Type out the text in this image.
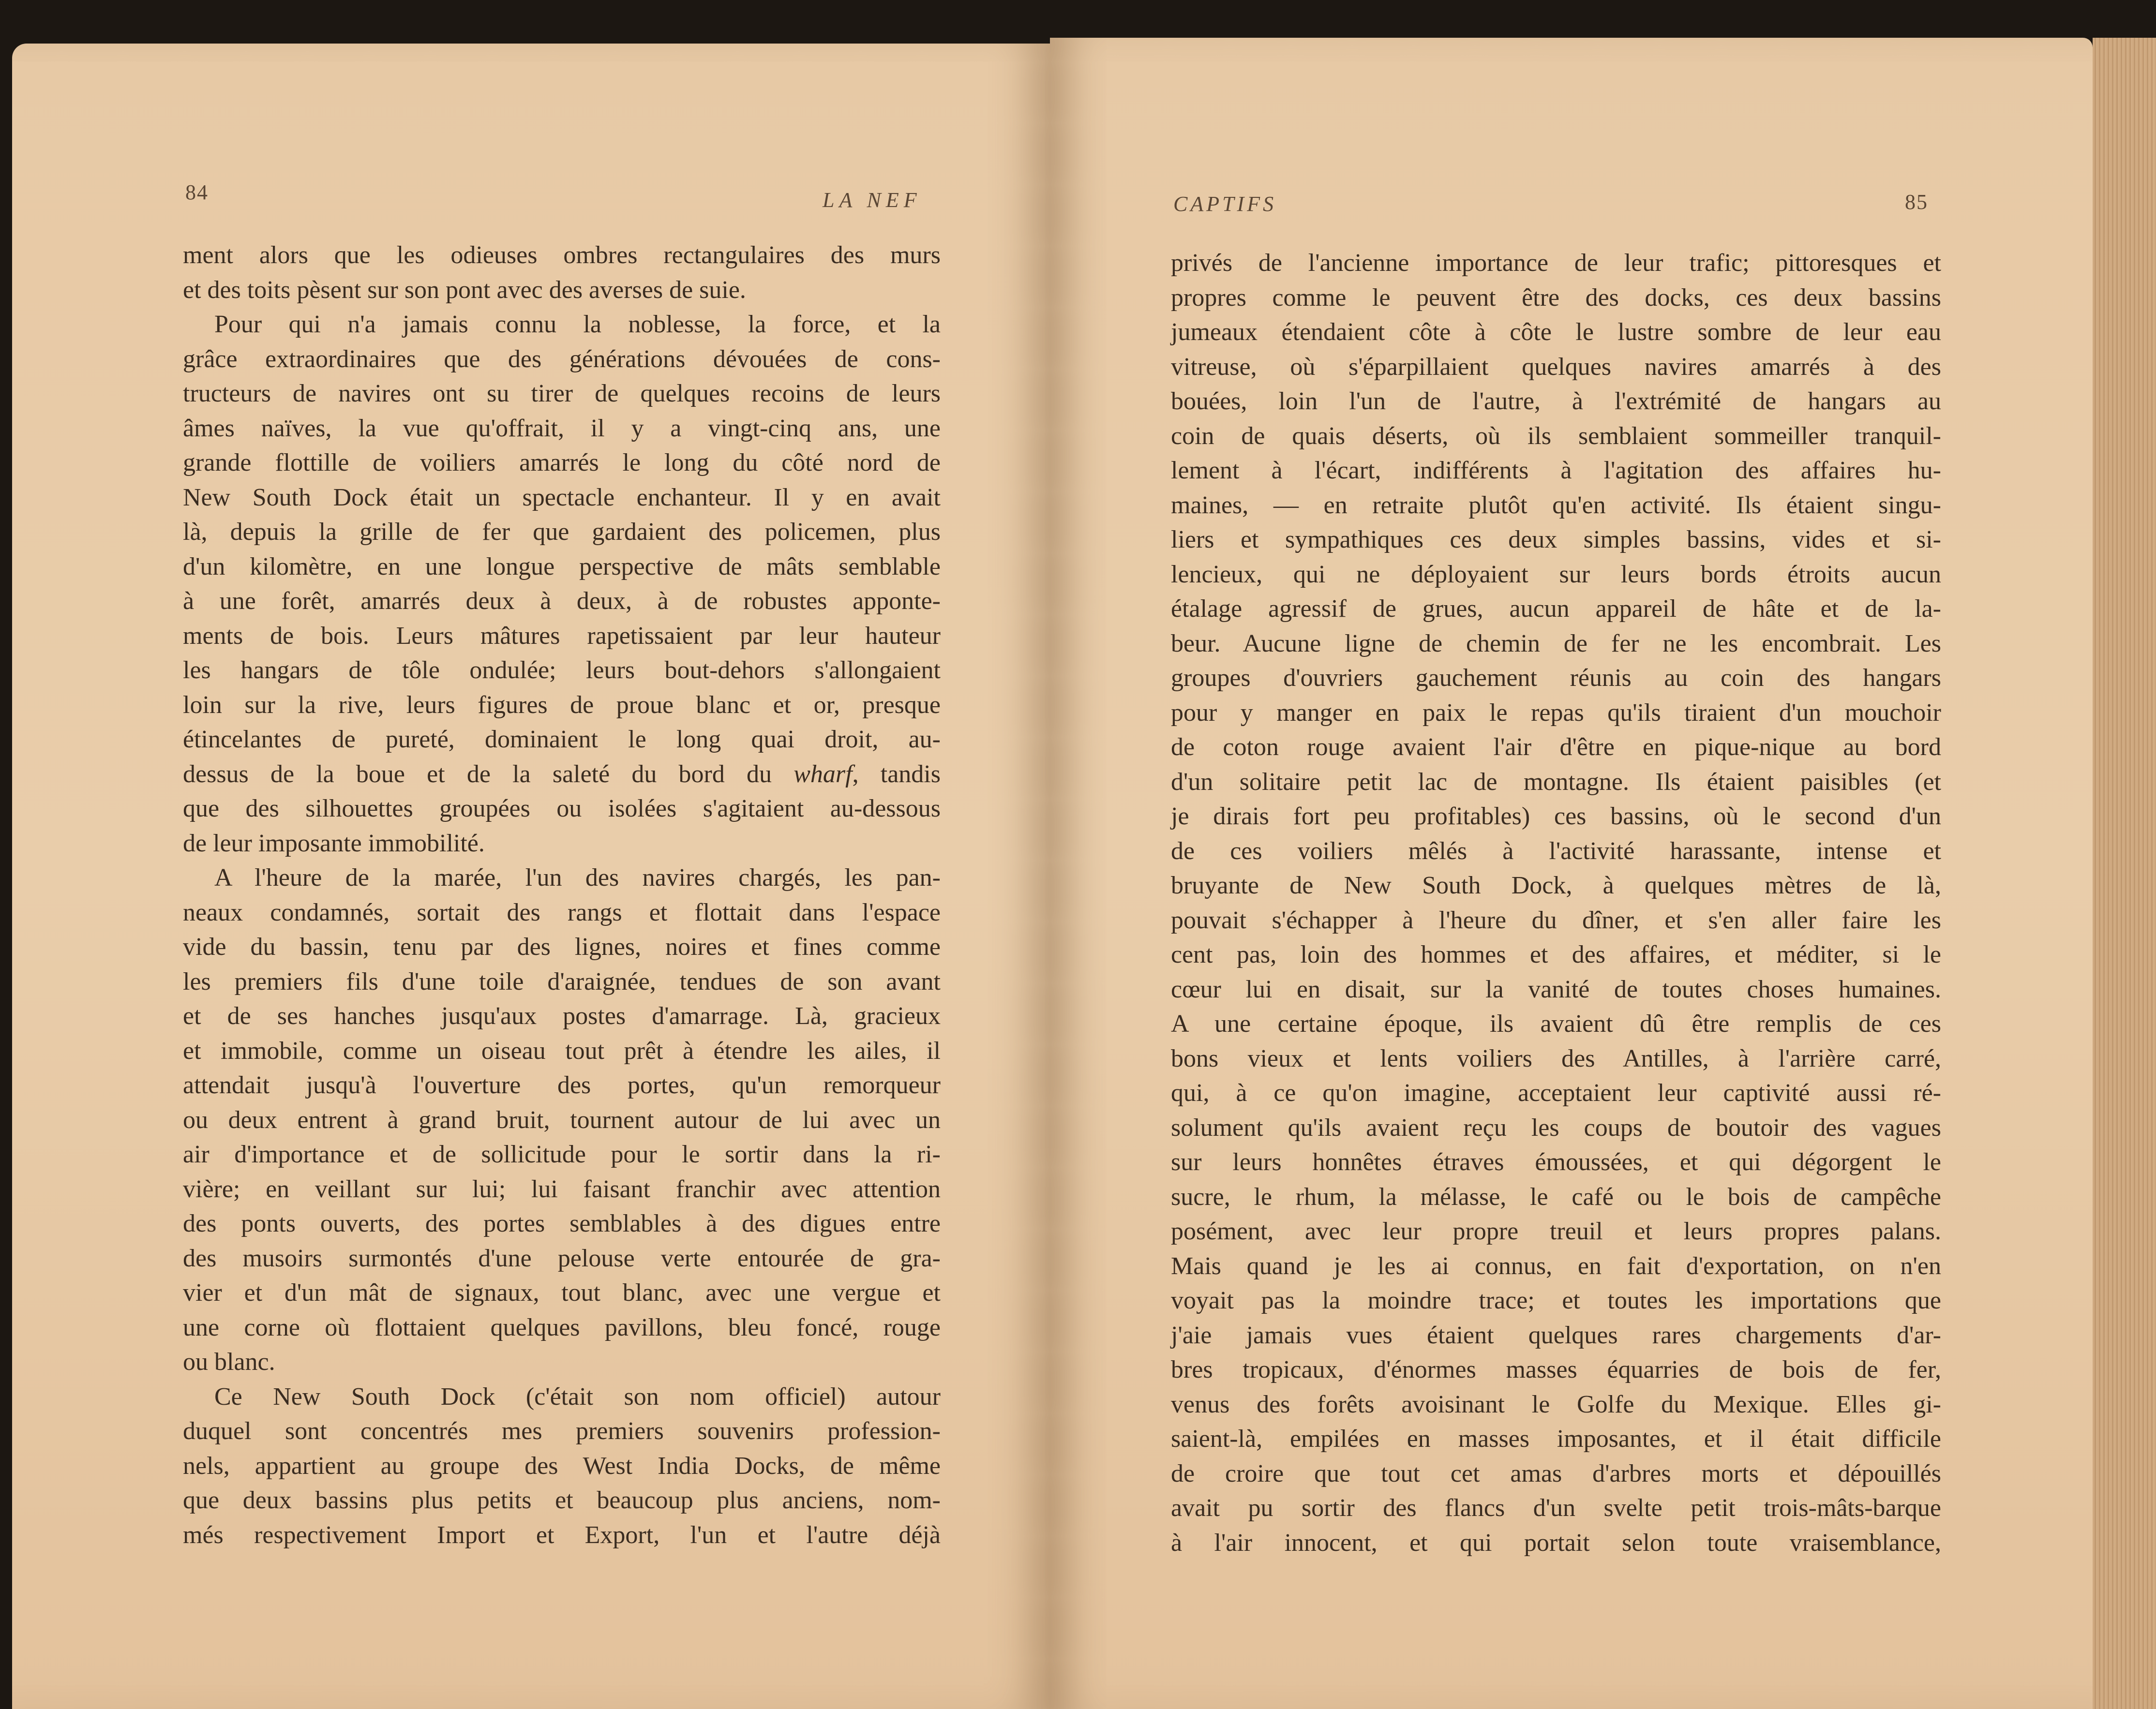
84	LA NEF	CAPTIFS	85
ment alors que les odieuses ombres rectangulaires des murs
et des toits pèsent sur son pont avec des averses de suie.
Pour qui n'a jamais connu la noblesse, la force, et la
grâce extraordinaires que des générations dévouées de cons-
tructeurs de navires ont su tirer de quelques recoins de leurs
âmes naïves, la vue qu'offrait, il y a vingt-cinq ans, une
grande flottille de voiliers amarrés le long du côté nord de
New South Dock était un spectacle enchanteur. Il y en avait
là, depuis la grille de fer que gardaient des policemen, plus
d'un kilomètre, en une longue perspective de mâts semblable
à une forêt, amarrés deux à deux, à de robustes apponte-
ments de bois. Leurs mâtures rapetissaient par leur hauteur
les hangars de tôle ondulée; leurs bout-dehors s'allongaient
loin sur la rive, leurs figures de proue blanc et or, presque
étincelantes de pureté, dominaient le long quai droit, au-
dessus de la boue et de la saleté du bord du wharf, tandis
que des silhouettes groupées ou isolées s'agitaient au-dessous
de leur imposante immobilité.
A l'heure de la marée, l'un des navires chargés, les pan-
neaux condamnés, sortait des rangs et flottait dans l'espace
vide du bassin, tenu par des lignes, noires et fines comme
les premiers fils d'une toile d'araignée, tendues de son avant
et de ses hanches jusqu'aux postes d'amarrage. Là, gracieux
et immobile, comme un oiseau tout prêt à étendre les ailes, il
attendait jusqu'à l'ouverture des portes, qu'un remorqueur
ou deux entrent à grand bruit, tournent autour de lui avec un
air d'importance et de sollicitude pour le sortir dans la ri-
vière; en veillant sur lui; lui faisant franchir avec attention
des ponts ouverts, des portes semblables à des digues entre
des musoirs surmontés d'une pelouse verte entourée de gra-
vier et d'un mât de signaux, tout blanc, avec une vergue et
une corne où flottaient quelques pavillons, bleu foncé, rouge
ou blanc.
Ce New South Dock (c'était son nom officiel) autour
duquel sont concentrés mes premiers souvenirs profession-
nels, appartient au groupe des West India Docks, de même
que deux bassins plus petits et beaucoup plus anciens, nom-
més respectivement Import et Export, l'un et l'autre déjà
privés de l'ancienne importance de leur trafic; pittoresques et
propres comme le peuvent être des docks, ces deux bassins
jumeaux étendaient côte à côte le lustre sombre de leur eau
vitreuse, où s'éparpillaient quelques navires amarrés à des
bouées, loin l'un de l'autre, à l'extrémité de hangars au
coin de quais déserts, où ils semblaient sommeiller tranquil-
lement à l'écart, indifférents à l'agitation des affaires hu-
maines, — en retraite plutôt qu'en activité. Ils étaient singu-
liers et sympathiques ces deux simples bassins, vides et si-
lencieux, qui ne déployaient sur leurs bords étroits aucun
étalage agressif de grues, aucun appareil de hâte et de la-
beur. Aucune ligne de chemin de fer ne les encombrait. Les
groupes d'ouvriers gauchement réunis au coin des hangars
pour y manger en paix le repas qu'ils tiraient d'un mouchoir
de coton rouge avaient l'air d'être en pique-nique au bord
d'un solitaire petit lac de montagne. Ils étaient paisibles (et
je dirais fort peu profitables) ces bassins, où le second d'un
de ces voiliers mêlés à l'activité harassante, intense et
bruyante de New South Dock, à quelques mètres de là,
pouvait s'échapper à l'heure du dîner, et s'en aller faire les
cent pas, loin des hommes et des affaires, et méditer, si le
cœur lui en disait, sur la vanité de toutes choses humaines.
A une certaine époque, ils avaient dû être remplis de ces
bons vieux et lents voiliers des Antilles, à l'arrière carré,
qui, à ce qu'on imagine, acceptaient leur captivité aussi ré-
solument qu'ils avaient reçu les coups de boutoir des vagues
sur leurs honnêtes étraves émoussées, et qui dégorgent le
sucre, le rhum, la mélasse, le café ou le bois de campêche
posément, avec leur propre treuil et leurs propres palans.
Mais quand je les ai connus, en fait d'exportation, on n'en
voyait pas la moindre trace; et toutes les importations que
j'aie jamais vues étaient quelques rares chargements d'ar-
bres tropicaux, d'énormes masses équarries de bois de fer,
venus des forêts avoisinant le Golfe du Mexique. Elles gi-
saient-là, empilées en masses imposantes, et il était difficile
de croire que tout cet amas d'arbres morts et dépouillés
avait pu sortir des flancs d'un svelte petit trois-mâts-barque
à l'air innocent, et qui portait selon toute vraisemblance,
